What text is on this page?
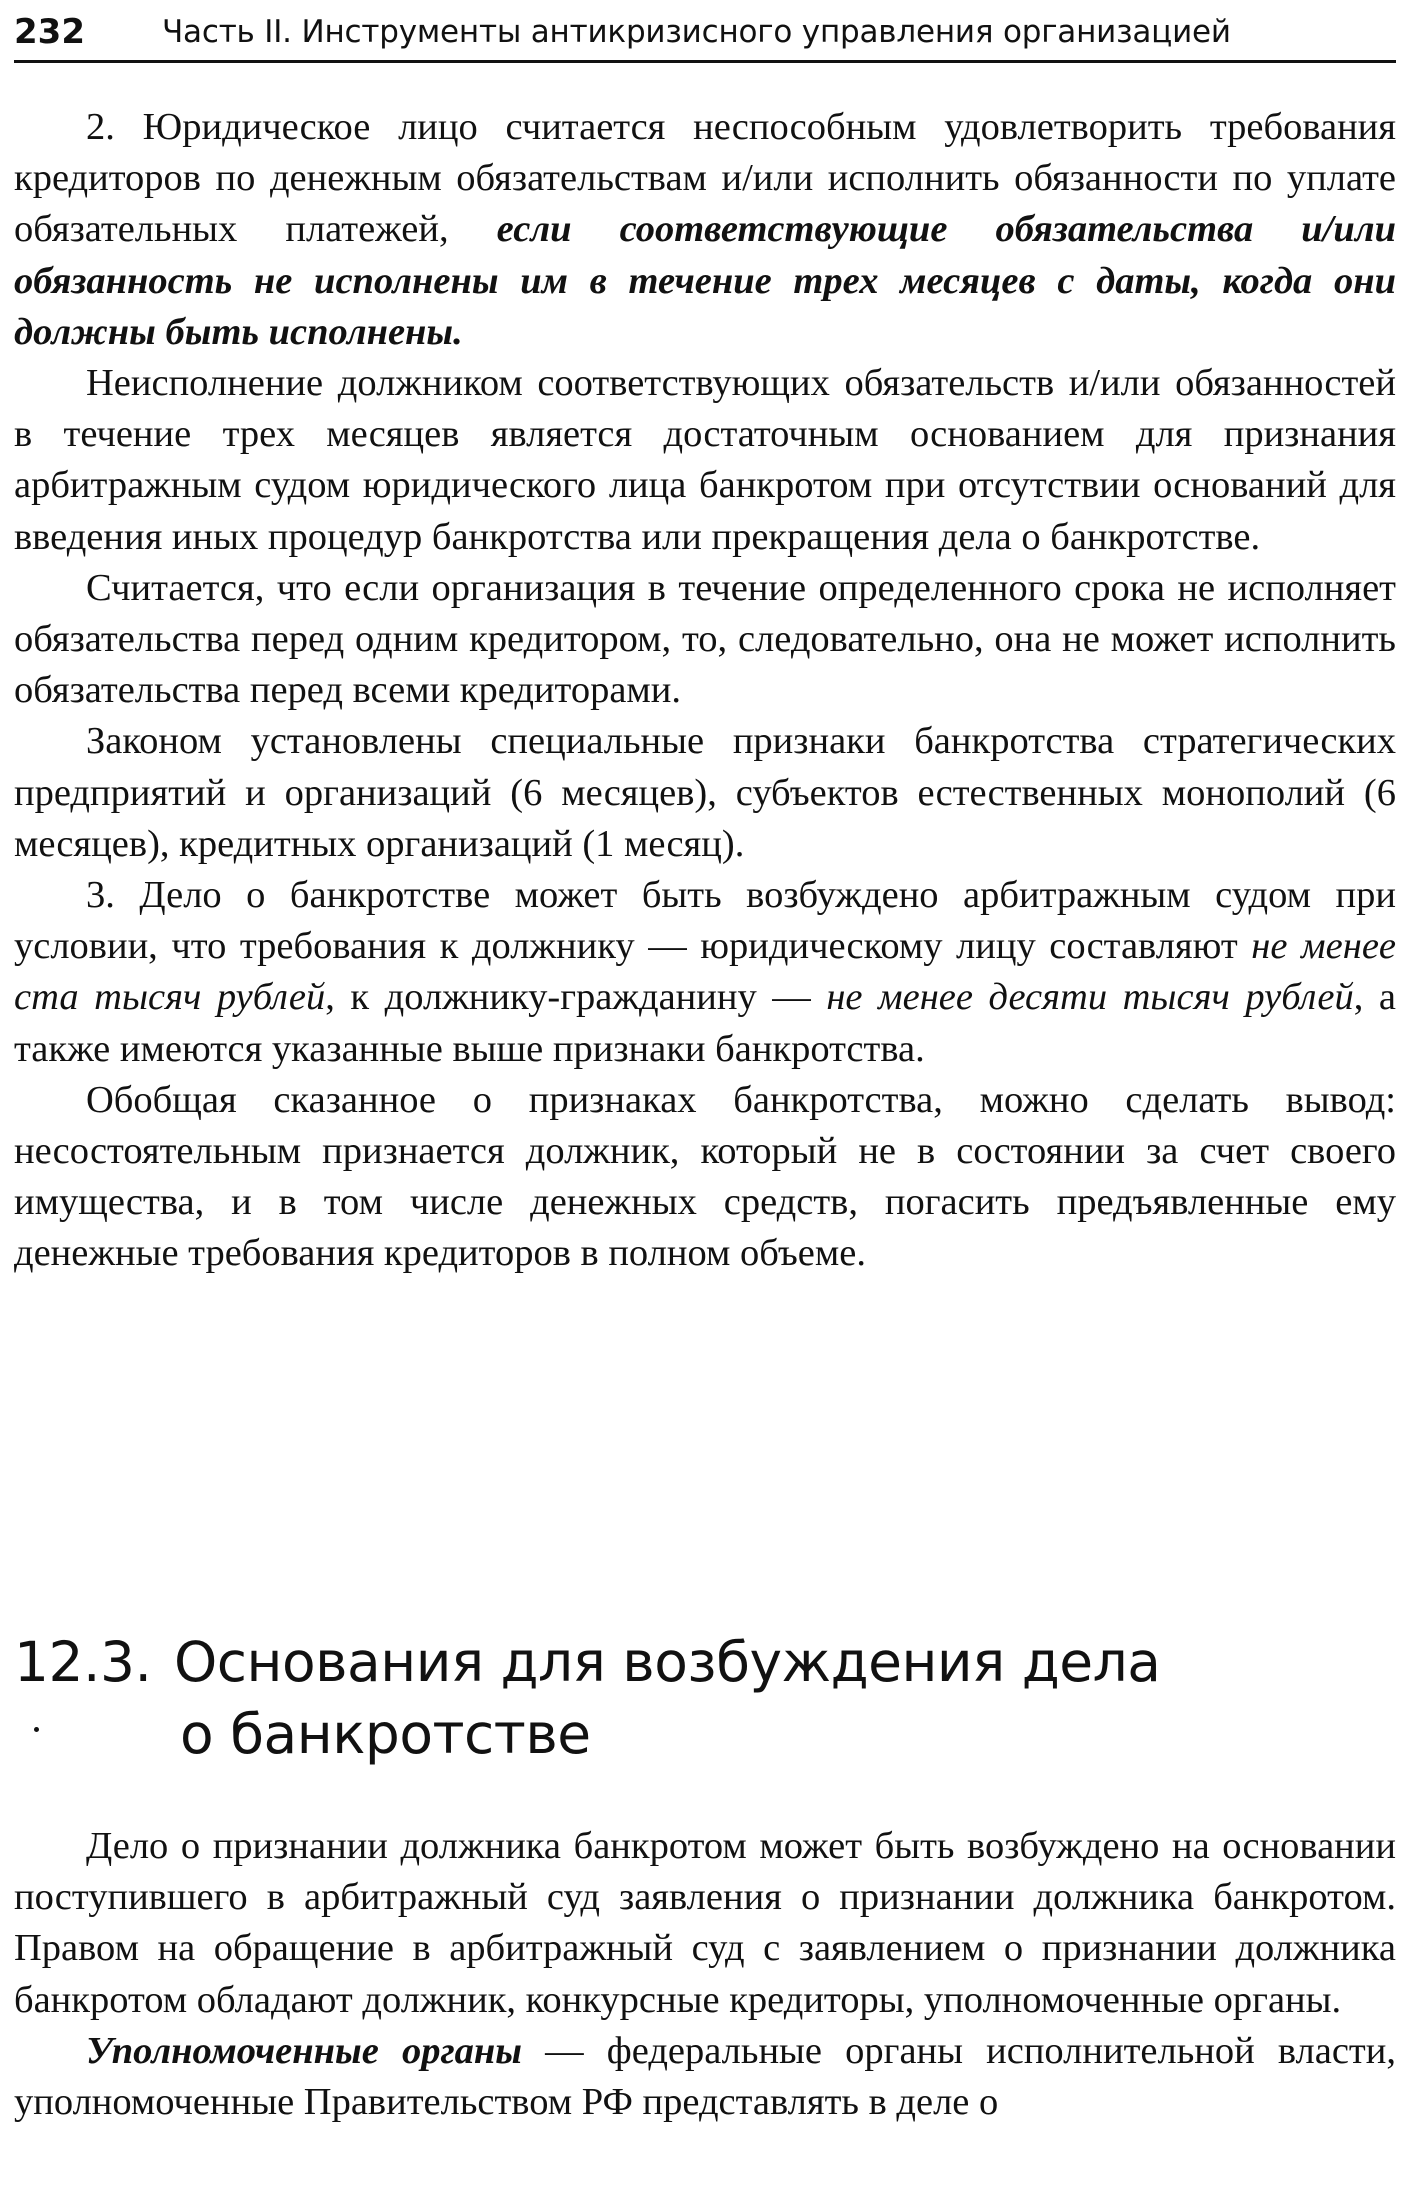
232 Часть II. Инструменты антикризисного управления организацией

2. Юридическое лицо считается неспособным удовлетворить требования кредиторов по денежным обязательствам и/или исполнить обязанности по уплате обязательных платежей, если соответствующие обязательства и/или обязанность не исполнены им в течение трех месяцев с даты, когда они должны быть исполнены.

Неисполнение должником соответствующих обязательств и/или обязанностей в течение трех месяцев является достаточным основанием для признания арбитражным судом юридического лица банкротом при отсутствии оснований для введения иных процедур банкротства или прекращения дела о банкротстве.

Считается, что если организация в течение определенного срока не исполняет обязательства перед одним кредитором, то, следовательно, она не может исполнить обязательства перед всеми кредиторами.

Законом установлены специальные признаки банкротства стратегических предприятий и организаций (6 месяцев), субъектов естественных монополий (6 месяцев), кредитных организаций (1 месяц).

3. Дело о банкротстве может быть возбуждено арбитражным судом при условии, что требования к должнику — юридическому лицу составляют не менее ста тысяч рублей, к должнику-гражданину — не менее десяти тысяч рублей, а также имеются указанные выше признаки банкротства.

Обобщая сказанное о признаках банкротства, можно сделать вывод: несостоятельным признается должник, который не в состоянии за счет своего имущества, и в том числе денежных средств, погасить предъявленные ему денежные требования кредиторов в полном объеме.

12.3. Основания для возбуждения дела
о банкротстве

Дело о признании должника банкротом может быть возбуждено на основании поступившего в арбитражный суд заявления о признании должника банкротом. Правом на обращение в арбитражный суд с заявлением о признании должника банкротом обладают должник, конкурсные кредиторы, уполномоченные органы.

Уполномоченные органы — федеральные органы исполнительной власти, уполномоченные Правительством РФ представлять в деле о
